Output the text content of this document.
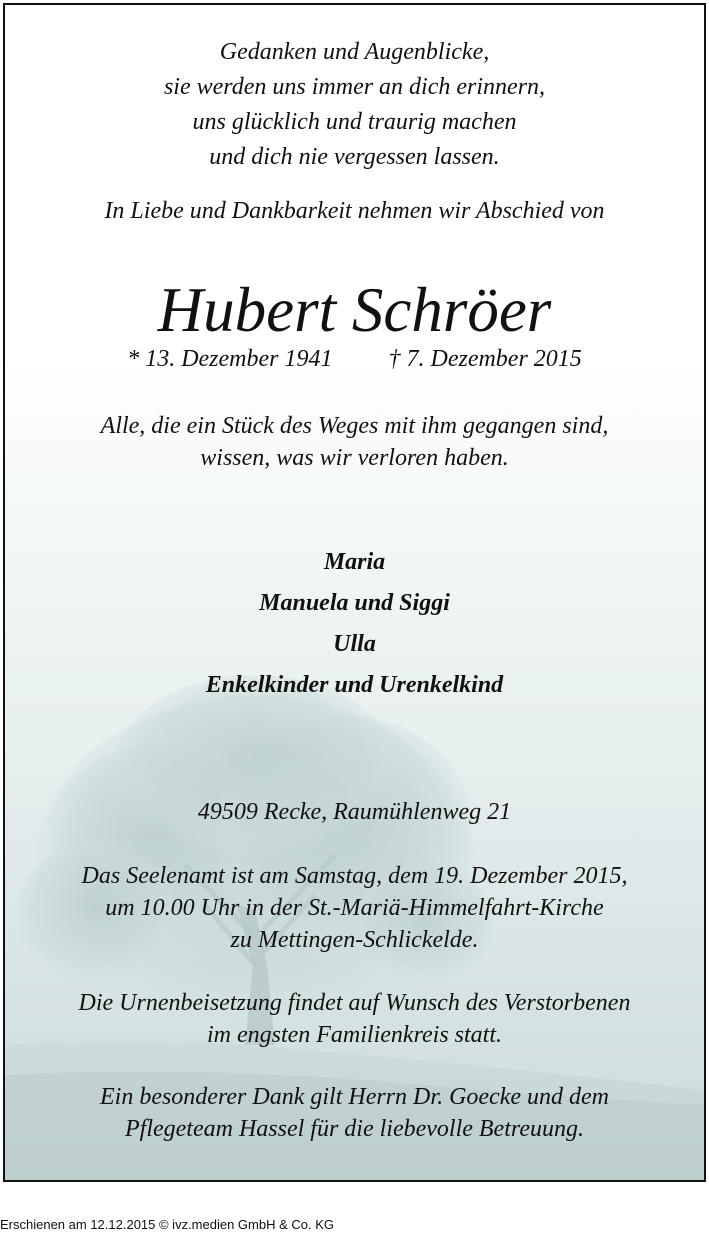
Gedanken und Augenblicke,
sie werden uns immer an dich erinnern,
uns glücklich und traurig machen
und dich nie vergessen lassen.

In Liebe und Dankbarkeit nehmen wir Abschied von

Hubert Schröer

* 13. Dezember 1941 † 7. Dezember 2015

Alle, die ein Stück des Weges mit ihm gegangen sind,
wissen, was wir verloren haben.

Maria
Manuela und Siggi
Ulla
Enkelkinder und Urenkelkind

49509 Recke, Raumühlenweg 21

Das Seelenamt ist am Samstag, dem 19. Dezember 2015,
um 10.00 Uhr in der St.-Mariä-Himmelfahrt-Kirche
zu Mettingen-Schlickelde.

Die Urnenbeisetzung findet auf Wunsch des Verstorbenen
im engsten Familienkreis statt.

Ein besonderer Dank gilt Herrn Dr. Goecke und dem
Pflegeteam Hassel für die liebevolle Betreuung.

Erschienen am 12.12.2015 © ivz.medien GmbH & Co. KG
